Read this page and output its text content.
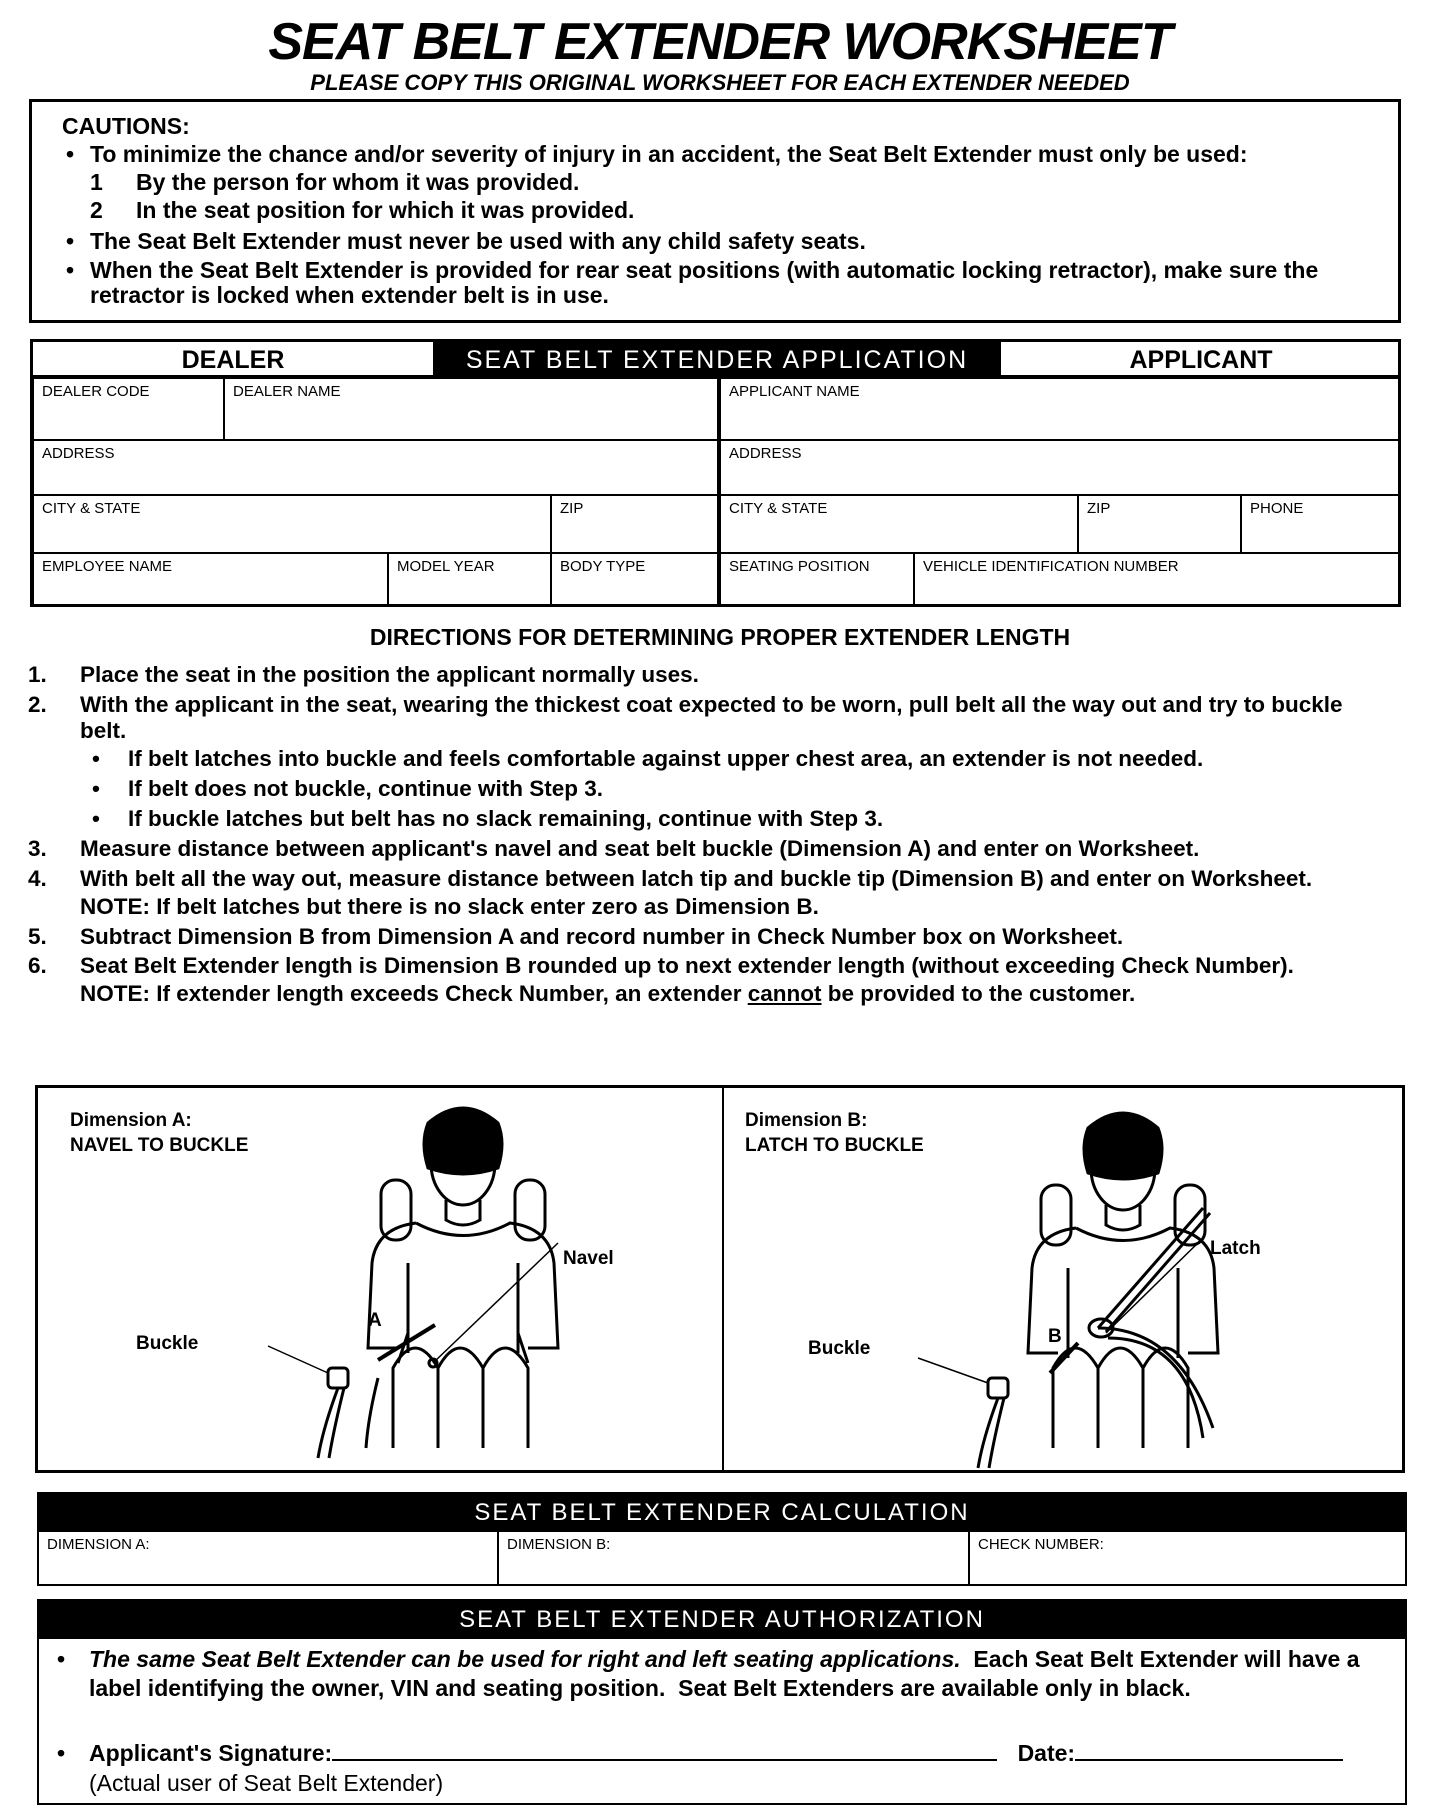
SEAT BELT EXTENDER WORKSHEET
PLEASE COPY THIS ORIGINAL WORKSHEET FOR EACH EXTENDER NEEDED
CAUTIONS:
• To minimize the chance and/or severity of injury in an accident, the Seat Belt Extender must only be used:
1 By the person for whom it was provided.
2 In the seat position for which it was provided.
• The Seat Belt Extender must never be used with any child safety seats.
• When the Seat Belt Extender is provided for rear seat positions (with automatic locking retractor), make sure the retractor is locked when extender belt is in use.
DEALER	SEAT BELT EXTENDER APPLICATION	APPLICANT
DEALER CODE	DEALER NAME
ADDRESS
CITY & STATE	ZIP
EMPLOYEE NAME	MODEL YEAR	BODY TYPE
APPLICANT NAME
ADDRESS
CITY & STATE	ZIP	PHONE
SEATING POSITION	VEHICLE IDENTIFICATION NUMBER
DIRECTIONS FOR DETERMINING PROPER EXTENDER LENGTH
1. Place the seat in the position the applicant normally uses.
2. With the applicant in the seat, wearing the thickest coat expected to be worn, pull belt all the way out and try to buckle belt.
• If belt latches into buckle and feels comfortable against upper chest area, an extender is not needed.
• If belt does not buckle, continue with Step 3.
• If buckle latches but belt has no slack remaining, continue with Step 3.
3. Measure distance between applicant's navel and seat belt buckle (Dimension A) and enter on Worksheet.
4. With belt all the way out, measure distance between latch tip and buckle tip (Dimension B) and enter on Worksheet.
NOTE: If belt latches but there is no slack enter zero as Dimension B.
5. Subtract Dimension B from Dimension A and record number in Check Number box on Worksheet.
6. Seat Belt Extender length is Dimension B rounded up to next extender length (without exceeding Check Number).
NOTE: If extender length exceeds Check Number, an extender cannot be provided to the customer.
Dimension A:
NAVEL TO BUCKLE
Dimension B:
LATCH TO BUCKLE
Buckle
Navel
A
Buckle
Latch
B
SEAT BELT EXTENDER CALCULATION
DIMENSION A:	DIMENSION B:	CHECK NUMBER:
SEAT BELT EXTENDER AUTHORIZATION
• The same Seat Belt Extender can be used for right and left seating applications.  Each Seat Belt Extender will have a label identifying the owner, VIN and seating position.  Seat Belt Extenders are available only in black.
• Applicant's Signature:	Date:
(Actual user of Seat Belt Extender)
